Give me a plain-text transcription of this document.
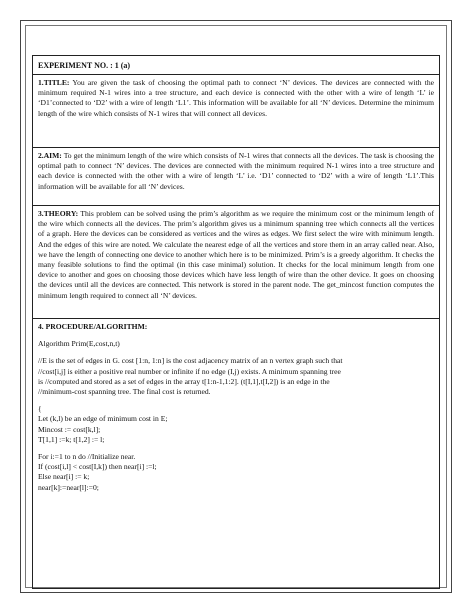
EXPERIMENT NO. : 1 (a)
1.TITLE: You are given the task of choosing the optimal path to connect ‘N’ devices. The devices are connected with the minimum required N-1 wires into a tree structure, and each device is connected with the other with a wire of length ‘L’ ie ‘D1’connected to ‘D2’ with a wire of length ‘L1’. This information will be available for all ‘N’ devices. Determine the minimum length of the wire which consists of N-1 wires that will connect all devices.
2.AIM: To get the minimum length of the wire which consists of N-1 wires that connects all the devices. The task is choosing the optimal path to connect ‘N’ devices. The devices are connected with the minimum required N-1 wires into a tree structure and each device is connected with the other with a wire of length ‘L’ i.e. ‘D1’ connected to ‘D2’ with a wire of length ‘L1’.This information will be available for all ‘N’ devices.
3.THEORY: This problem can be solved using the prim’s algorithm as we require the minimum cost or the minimum length of the wire which connects all the devices. The prim’s algorithm gives us a minimum spanning tree which connects all the vertices of a graph. Here the devices can be considered as vertices and the wires as edges. We first select the wire with minimum length. And the edges of this wire are noted. We calculate the nearest edge of all the vertices and store them in an array called near. Also, we have the length of connecting one device to another which here is to be minimized. Prim’s is a greedy algorithm. It checks the many feasible solutions to find the optimal (in this case minimal) solution. It checks for the local minimum length from one device to another and goes on choosing those devices which have less length of wire than the other device. It goes on choosing the devices until all the devices are connected. This network is stored in the parent node. The get_mincost function computes the minimum length required to connect all ‘N’ devices.
4. PROCEDURE/ALGORITHM:
Algorithm Prim(E,cost,n,t)
//E is the set of edges in G. cost [1:n, 1:n] is the cost adjacency matrix of an n vertex graph such that
//cost[i,j] is either a positive real number or infinite if no edge (I,j) exists. A minimum spanning tree
is //computed and stored as a set of edges in the array t[1:n-1,1:2]. (t[I,1],t[I,2]) is an edge in the
//minimum-cost spanning tree. The final cost is returned.
{
Let (k,l) be an edge of minimum cost in E;
Mincost := cost[k,l];
T[1,1] :=k; t[1,2] := l;
For i:=1 to n do //Initialize near.
If (cost[i,l] < cost[I,k]) then near[i] :=l;
Else near[i] := k;
near[k]:=near[l]:=0;
